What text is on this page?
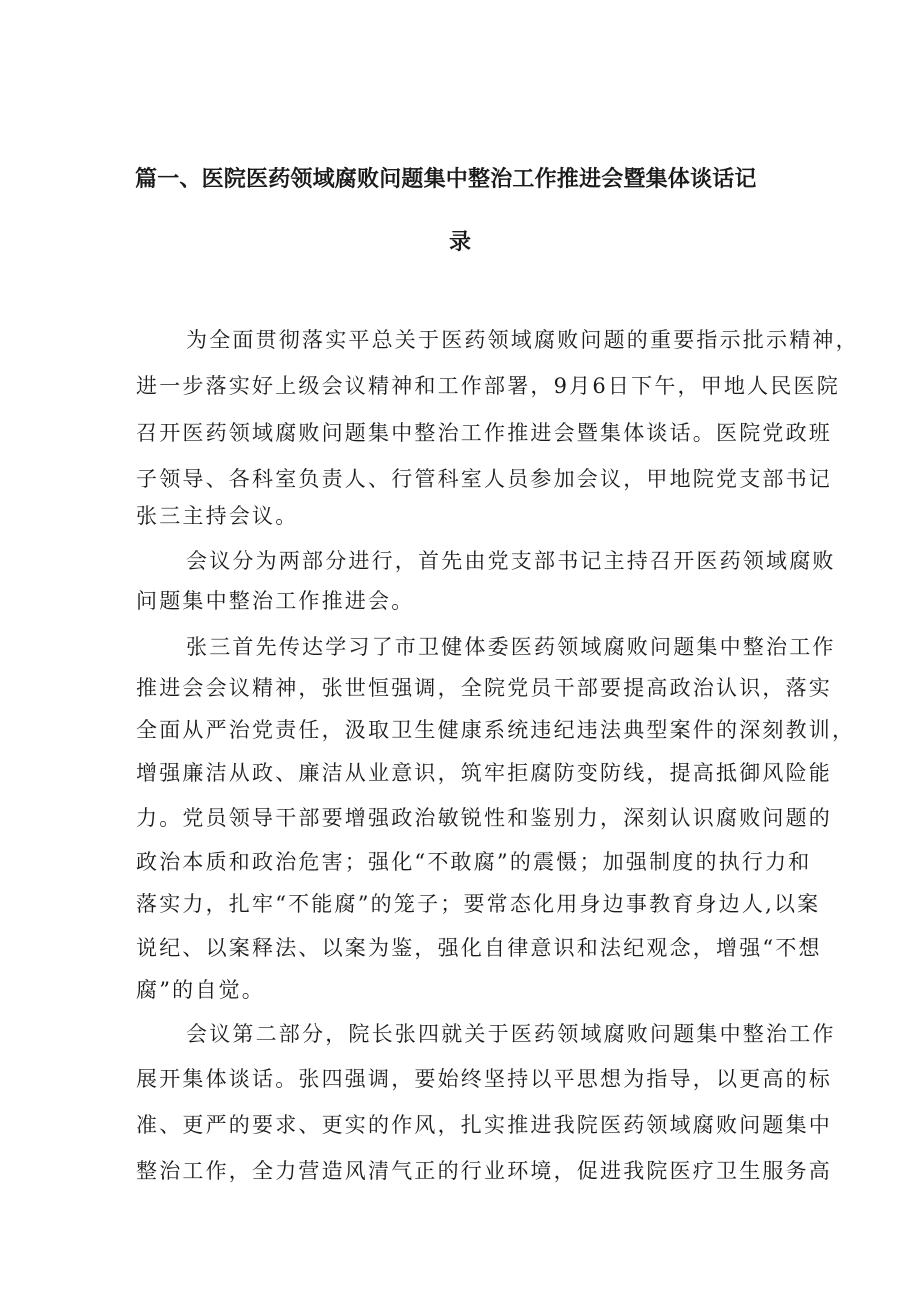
篇一、医院医药领域腐败问题集中整治工作推进会暨集体谈话记
录
为全面贯彻落实平总关于医药领域腐败问题的重要指示批示精神，
进一步落实好上级会议精神和工作部署，9月6日下午，甲地人民医院
召开医药领域腐败问题集中整治工作推进会暨集体谈话。医院党政班
子领导、各科室负责人、行管科室人员参加会议，甲地院党支部书记
张三主持会议。
会议分为两部分进行，首先由党支部书记主持召开医药领域腐败
问题集中整治工作推进会。
张三首先传达学习了市卫健体委医药领域腐败问题集中整治工作
推进会会议精神，张世恒强调，全院党员干部要提高政治认识，落实
全面从严治党责任，汲取卫生健康系统违纪违法典型案件的深刻教训，
增强廉洁从政、廉洁从业意识，筑牢拒腐防变防线，提高抵御风险能
力。党员领导干部要增强政治敏锐性和鉴别力，深刻认识腐败问题的
政治本质和政治危害；强化“不敢腐”的震慑；加强制度的执行力和
落实力，扎牢“不能腐”的笼子；要常态化用身边事教育身边人,以案
说纪、以案释法、以案为鉴，强化自律意识和法纪观念，增强“不想
腐”的自觉。
会议第二部分，院长张四就关于医药领域腐败问题集中整治工作
展开集体谈话。张四强调，要始终坚持以平思想为指导，以更高的标
准、更严的要求、更实的作风，扎实推进我院医药领域腐败问题集中
整治工作，全力营造风清气正的行业环境，促进我院医疗卫生服务高
